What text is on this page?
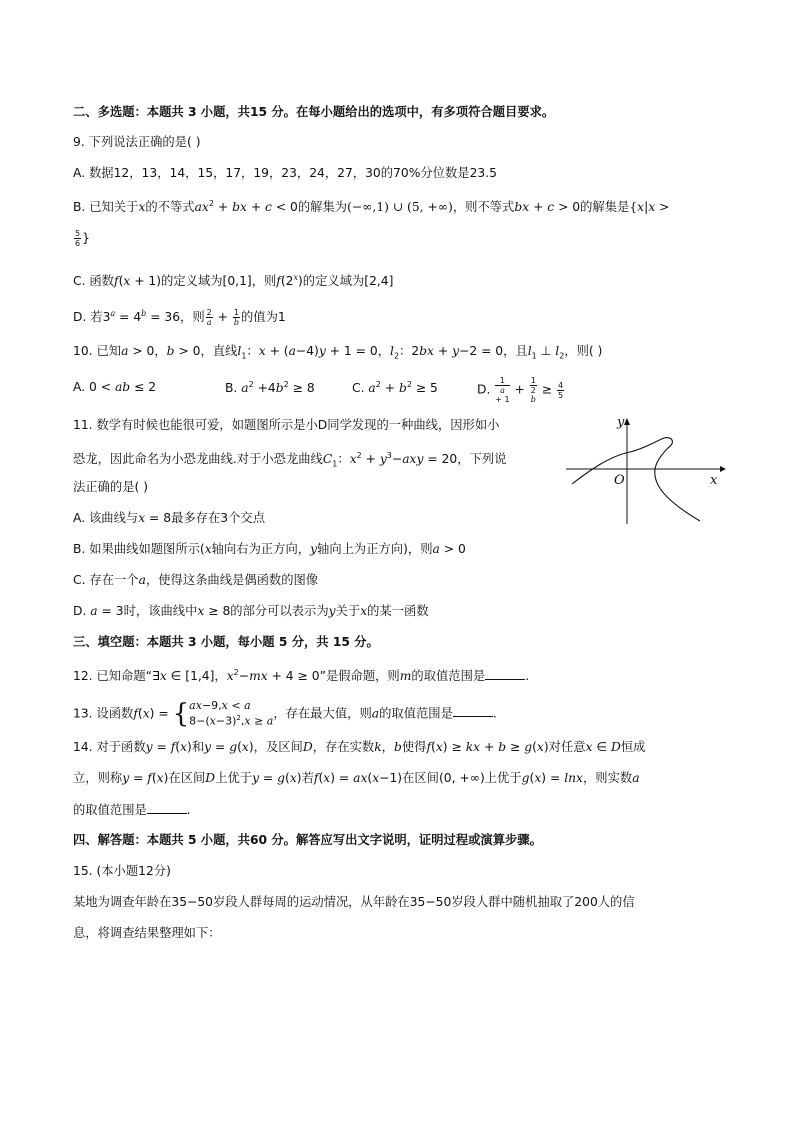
二、多选题：本题共 3 小题，共15 分。在每小题给出的选项中，有多项符合题目要求。
9. 下列说法正确的是( )
A. 数据12，13，14，15，17，19，23，24，27，30的70%分位数是23.5
B. 已知关于x的不等式$ax^2$ + bx + c < 0的解集为(−∞,1) ∪ (5, +∞)，则不等式bx + c > 0的解集是{x|x >
$\frac{5}{6}$ }
C. 函数f(x + 1)的定义域为[0,1]，则f(2$^x$)的定义域为[2,4]
D. 若$3^a = 4^b = 36$，则 $\frac{2}{a} + \frac{1}{b}$ 的值为1
10. 已知a > 0，b > 0，直线$l_1$：x + (a−4)y + 1 = 0，$l_2$：2bx + y−2 = 0，且$l_1$ ⊥ $l_2$，则( )
A. 0 < ab ≤ 2	B. $a^2 +4b^2 \ge 8$	C. $a^2 + b^2 \ge 5$	D. 1
a
+ 1 + 1
2
$b \ge \frac{4}{5}$
11. 数学有时候也能很可爱，如题图所示是小D同学发现的一种曲线，因形如小
恐龙，因此命名为小恐龙曲线.对于小恐龙曲线$C_1$：$x^2 + y^3-axy = 20$，下列说
法正确的是( )
A. 该曲线与x = 8最多存在3个交点
B. 如果曲线如题图所示(x轴向右为正方向，y轴向上为正方向)，则a > 0
C. 存在一个a，使得这条曲线是偶函数的图像
D. a = 3时，该曲线中x ≥ 8的部分可以表示为y关于x的某一函数
y
x
O
三、填空题：本题共 3 小题，每小题 5 分，共 15 分。
12. 已知命题“∃x ∈ [1,4]，$x^2-mx + 4 \ge 0$”是假命题，则m的取值范围是	.
13. 设函数f(x) = { ax−9,x < a
$8-(x-3)^2,x \ge a$
，存在最大值，则a的取值范围是	.
14. 对于函数y = f(x)和y = g(x)，及区间D，存在实数k，b使得f(x) ≥ kx + b ≥ g(x)对任意x ∈ D恒成
立，则称y = f(x)在区间D上优于y = g(x)若f(x) = ax(x−1)在区间(0, +∞)上优于g(x) = lnx，则实数a
的取值范围是	.
四、解答题：本题共 5 小题，共60 分。解答应写出文字说明，证明过程或演算步骤。
15. (本小题12分)
某地为调查年龄在35−50岁段人群每周的运动情况，从年龄在35−50岁段人群中随机抽取了200人的信
息，将调查结果整理如下：
